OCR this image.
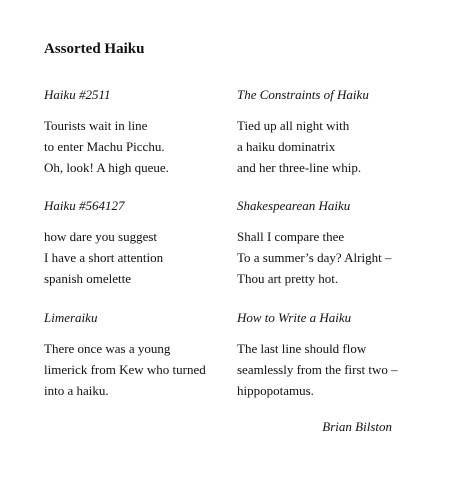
Assorted Haiku
Haiku #2511
Tourists wait in line
to enter Machu Picchu.
Oh, look! A high queue.
The Constraints of Haiku
Tied up all night with
a haiku dominatrix
and her three-line whip.
Haiku #564127
how dare you suggest
I have a short attention
spanish omelette
Shakespearean Haiku
Shall I compare thee
To a summer’s day? Alright –
Thou art pretty hot.
Limeraiku
There once was a young
limerick from Kew who turned
into a haiku.
How to Write a Haiku
The last line should flow
seamlessly from the first two –
hippopotamus.
Brian Bilston
